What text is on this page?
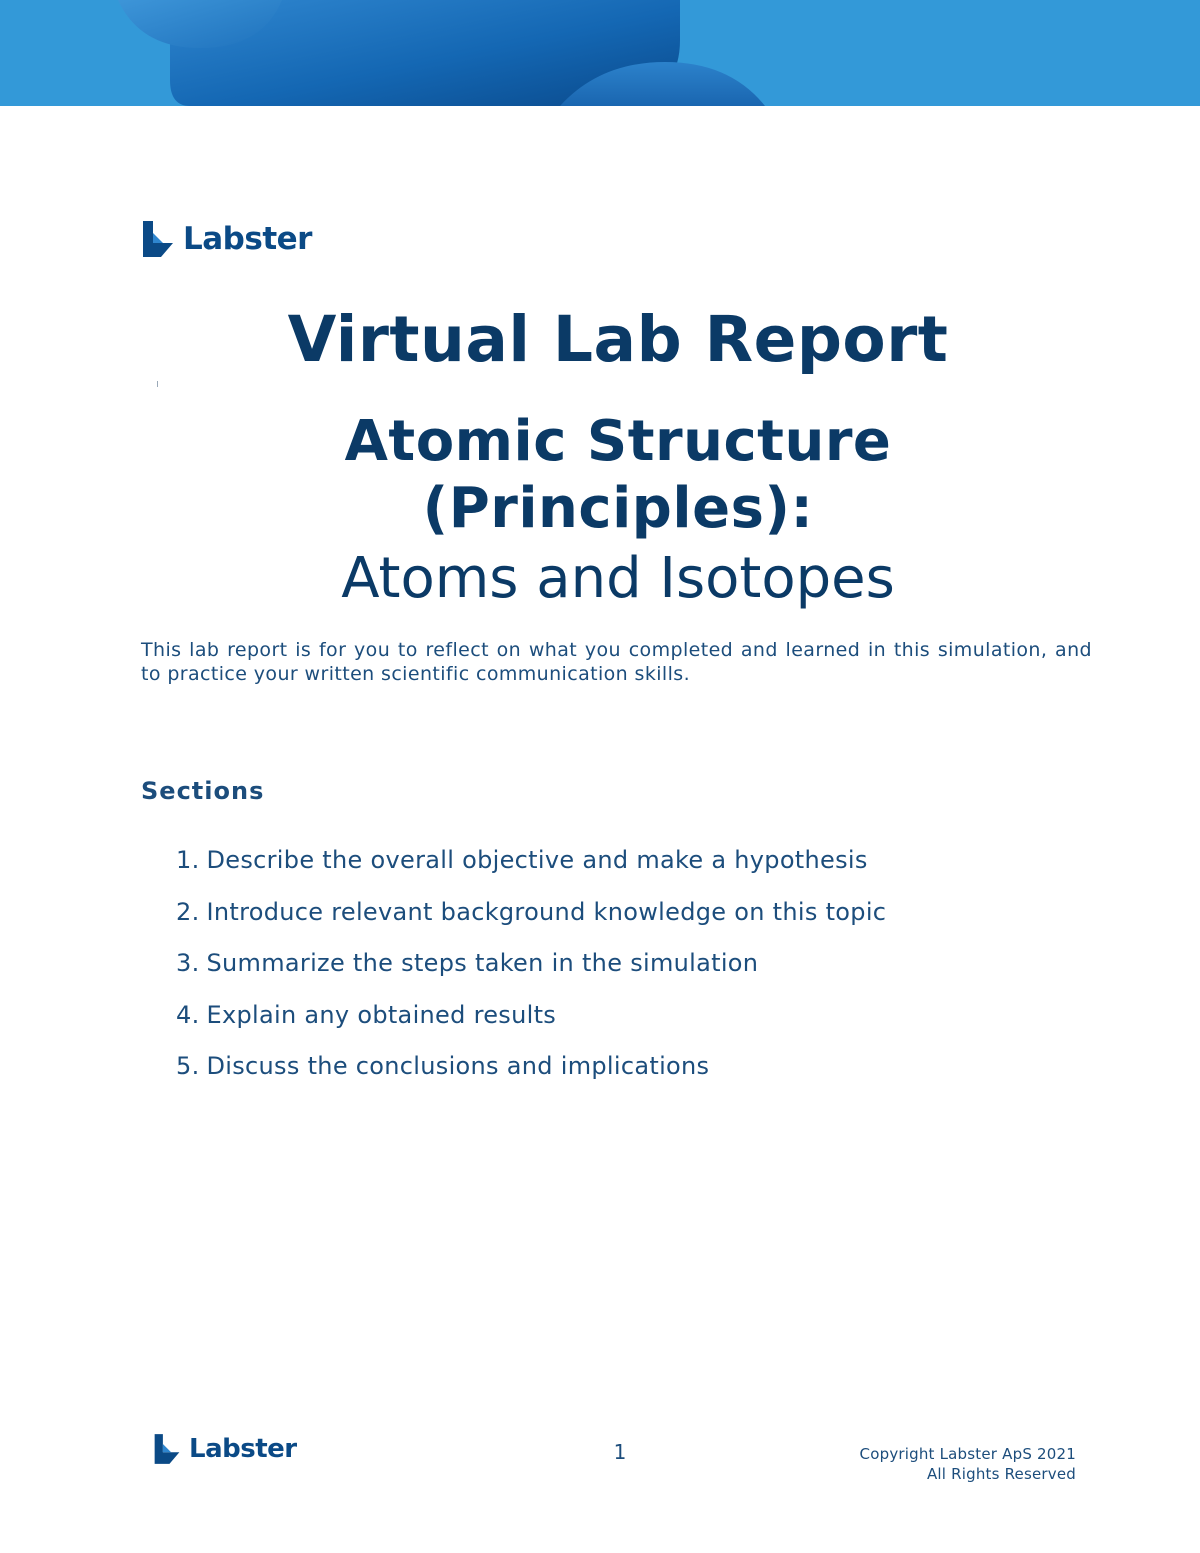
Labster
Virtual Lab Report
Atomic Structure
(Principles):
Atoms and Isotopes

This lab report is for you to reflect on what you completed and learned in this simulation, and to practice your written scientific communication skills.

Sections
1. Describe the overall objective and make a hypothesis
2. Introduce relevant background knowledge on this topic
3. Summarize the steps taken in the simulation
4. Explain any obtained results
5. Discuss the conclusions and implications
Labster	1	Copyright Labster ApS 2021
All Rights Reserved
